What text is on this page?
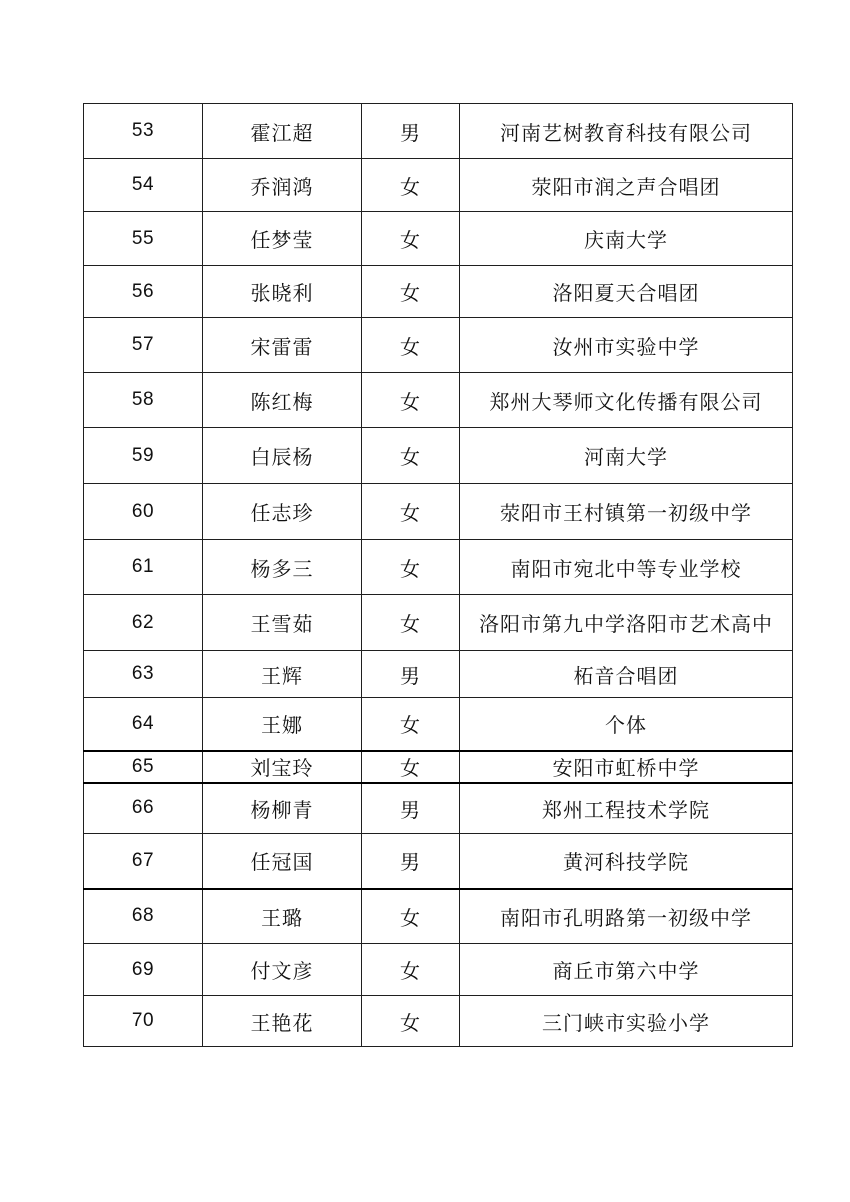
53	霍江超	男	河南艺树教育科技有限公司
54	乔润鸿	女	荥阳市润之声合唱团
55	任梦莹	女	庆南大学
56	张晓利	女	洛阳夏天合唱团
57	宋雷雷	女	汝州市实验中学
58	陈红梅	女	郑州大琴师文化传播有限公司
59	白辰杨	女	河南大学
60	任志珍	女	荥阳市王村镇第一初级中学
61	杨多三	女	南阳市宛北中等专业学校
62	王雪茹	女	洛阳市第九中学洛阳市艺术高中
63	王辉	男	柘音合唱团
64	王娜	女	个体
65	刘宝玲	女	安阳市虹桥中学
66	杨柳青	男	郑州工程技术学院
67	任冠国	男	黄河科技学院
68	王璐	女	南阳市孔明路第一初级中学
69	付文彦	女	商丘市第六中学
70	王艳花	女	三门峡市实验小学
